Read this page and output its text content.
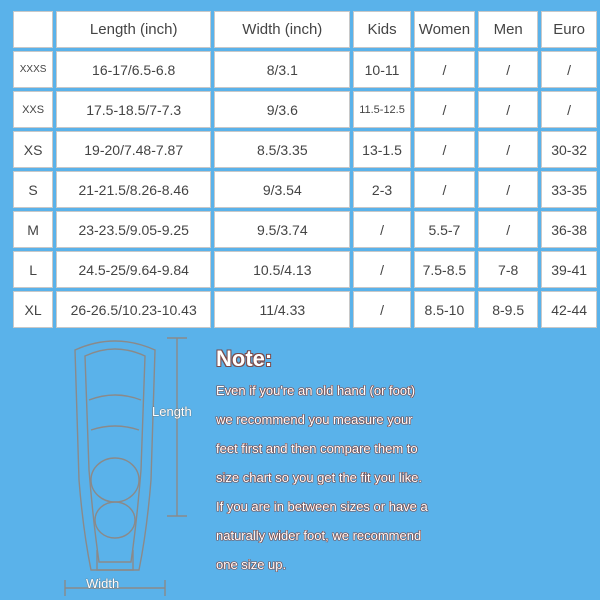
	Length (inch)	Width (inch)	Kids	Women	Men	Euro
XXXS	16-17/6.5-6.8	8/3.1	10-11	/	/	/
XXS	17.5-18.5/7-7.3	9/3.6	11.5-12.5	/	/	/
XS	19-20/7.48-7.87	8.5/3.35	13-1.5	/	/	30-32
S	21-21.5/8.26-8.46	9/3.54	2-3	/	/	33-35
M	23-23.5/9.05-9.25	9.5/3.74	/	5.5-7	/	36-38
L	24.5-25/9.64-9.84	10.5/4.13	/	7.5-8.5	7-8	39-41
XL	26-26.5/10.23-10.43	11/4.33	/	8.5-10	8-9.5	42-44
Length
Width
Note:
Even if you're an old hand (or foot)
we recommend you measure your
feet first and then compare them to
size chart so you get the fit you like.
If you are in between sizes or have a
naturally wider foot, we recommend
one size up.
